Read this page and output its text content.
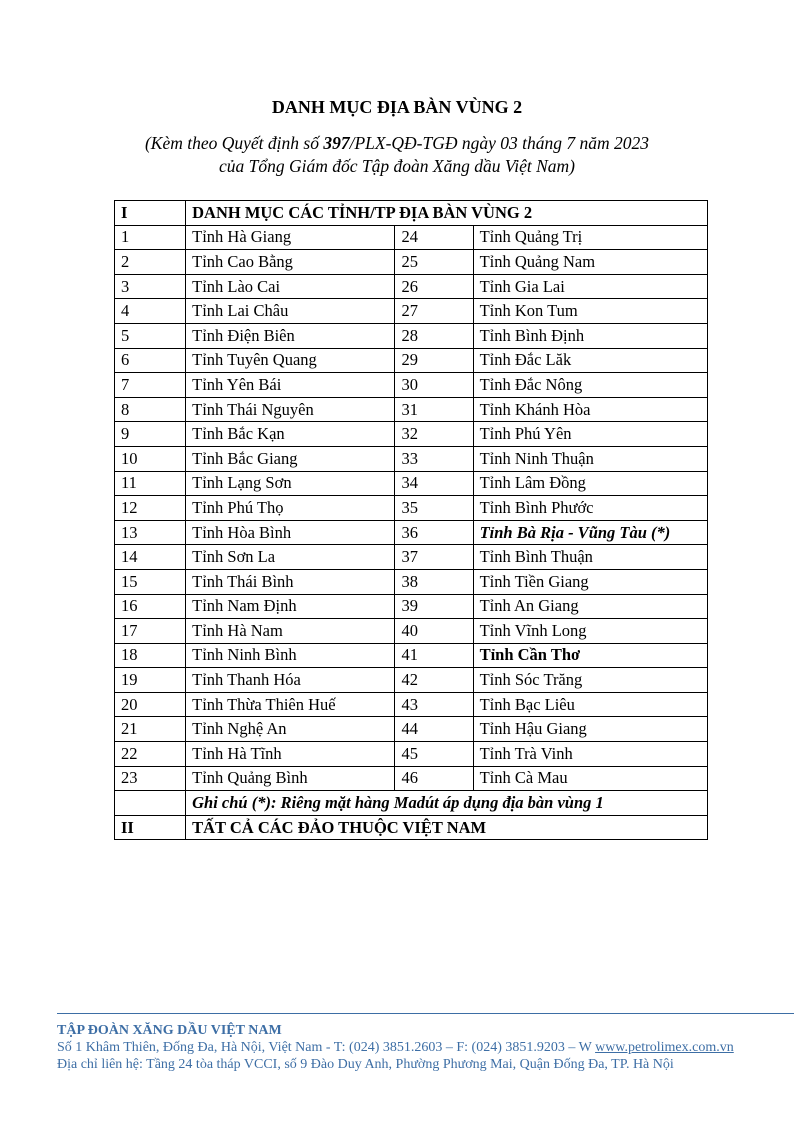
DANH MỤC ĐỊA BÀN VÙNG 2
(Kèm theo Quyết định số 397/PLX-QĐ-TGĐ ngày 03 tháng 7 năm 2023
của Tổng Giám đốc Tập đoàn Xăng dầu Việt Nam)
I	DANH MỤC CÁC TỈNH/TP ĐỊA BÀN VÙNG 2		
1	Tỉnh Hà Giang	24	Tỉnh Quảng Trị
2	Tỉnh Cao Bằng	25	Tỉnh Quảng Nam
3	Tỉnh Lào Cai	26	Tỉnh Gia Lai
4	Tỉnh Lai Châu	27	Tỉnh Kon Tum
5	Tỉnh Điện Biên	28	Tỉnh Bình Định
6	Tỉnh Tuyên Quang	29	Tỉnh Đắc Lăk
7	Tỉnh Yên Bái	30	Tỉnh Đắc Nông
8	Tỉnh Thái Nguyên	31	Tỉnh Khánh Hòa
9	Tỉnh Bắc Kạn	32	Tỉnh Phú Yên
10	Tỉnh Bắc Giang	33	Tỉnh Ninh Thuận
11	Tỉnh Lạng Sơn	34	Tỉnh Lâm Đồng
12	Tỉnh Phú Thọ	35	Tỉnh Bình Phước
13	Tỉnh Hòa Bình	36	Tỉnh Bà Rịa - Vũng Tàu (*)
14	Tỉnh Sơn La	37	Tỉnh Bình Thuận
15	Tỉnh Thái Bình	38	Tỉnh Tiền Giang
16	Tỉnh Nam Định	39	Tỉnh An Giang
17	Tỉnh Hà Nam	40	Tỉnh Vĩnh Long
18	Tỉnh Ninh Bình	41	Tỉnh Cần Thơ
19	Tỉnh Thanh Hóa	42	Tỉnh Sóc Trăng
20	Tỉnh Thừa Thiên Huế	43	Tỉnh Bạc Liêu
21	Tỉnh Nghệ An	44	Tỉnh Hậu Giang
22	Tỉnh Hà Tĩnh	45	Tỉnh Trà Vinh
23	Tỉnh Quảng Bình	46	Tỉnh Cà Mau
	Ghi chú (*): Riêng mặt hàng Madút áp dụng địa bàn vùng 1		
II	TẤT CẢ CÁC ĐẢO THUỘC VIỆT NAM		
TẬP ĐOÀN XĂNG DẦU VIỆT NAM
Số 1 Khâm Thiên, Đống Đa, Hà Nội, Việt Nam - T: (024) 3851.2603 – F: (024) 3851.9203 – W www.petrolimex.com.vn
Địa chỉ liên hệ: Tầng 24 tòa tháp VCCI, số 9 Đào Duy Anh, Phường Phương Mai, Quận Đống Đa, TP. Hà Nội
